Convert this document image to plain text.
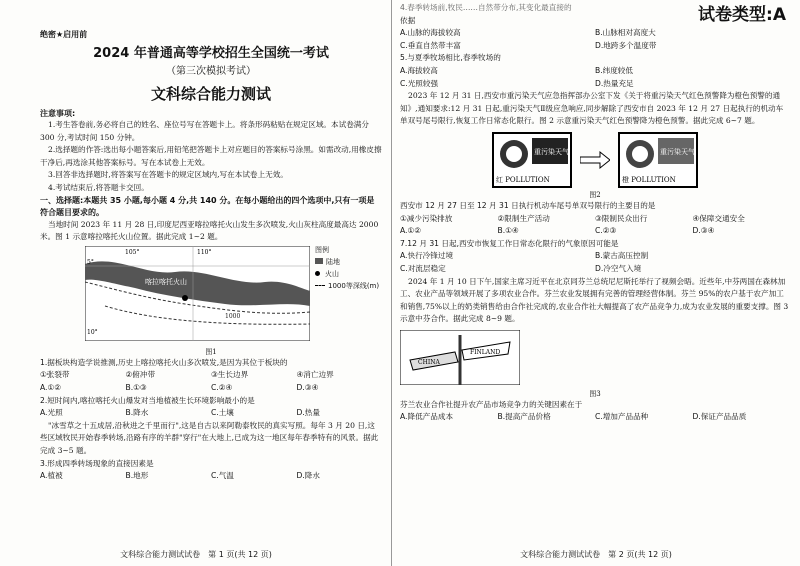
试卷类型:A
绝密★启用前
2024 年普通高等学校招生全国统一考试
（第三次模拟考试）
文科综合能力测试
注意事项:
1.考生答卷前,务必将自己的姓名、座位号写在答题卡上。将条形码粘贴在规定区域。本试卷满分 300 分,考试时间 150 分钟。
2.选择题的作答:选出每小题答案后,用铅笔把答题卡上对应题目的答案标号涂黑。如需改动,用橡皮擦干净后,再选涂其他答案标号。写在本试卷上无效。
3.回答非选择题时,将答案写在答题卡的规定区域内,写在本试卷上无效。
4.考试结束后,将答题卡交回。
一、选择题:本题共 35 小题,每小题 4 分,共 140 分。在每小题给出的四个选项中,只有一项是符合题目要求的。
当地时间 2023 年 11 月 28 日,印度尼西亚喀拉喀托火山发生多次喷发,火山灰柱高度最高达 2000 米。图 1 示意喀拉喀托火山位置。据此完成 1~2 题。
喀拉喀托火山
1000
105°	110°
5°
10°
图例
陆地
火山
1000等深线(m)
图1
1.据板块构造学说推测,历史上喀拉喀托火山多次喷发,是因为其位于板块的
①张裂带	②俯冲带	③生长边界	④消亡边界
A.①②	B.①③	C.②④	D.③④
2.短时间内,喀拉喀托火山爆发对当地植被生长环境影响最小的是
A.光照	B.降水	C.土壤	D.热量
"冰雪草之十五成居,沿秋进之千里而行",这是自古以来阿勒泰牧民的真实写照。每年 3 月 20 日,这些区域牧民开始春季转场,沿路有序的羊群"穿行"在大地上,已成为这一地区每年春季特有的风景。据此完成 3~5 题。
3.形成四季转场现象的直接因素是
A.植被	B.地形	C.气温	D.降水
文科综合能力测试试卷　第 1 页(共 12 页)
4.春季转场前,牧民……自然带分布,其变化最直接的
依据
A.山脉的海拔较高	B.山脉相对高度大
C.垂直自然带丰富	D.地跨多个温度带
5.与夏季牧场相比,春季牧场的
A.海拔较高	B.纬度较低
C.光照较强	D.热量充足
2023 年 12 月 31 日,西安市重污染天气应急指挥部办公室下发《关于将重污染天气红色预警降为橙色预警的通知》,通知要求:12 月 31 日起,重污染天气Ⅱ级应急响应,同步解除了西安市自 2023 年 12 月 27 日起执行的机动车单双号尾号限行,恢复工作日常态化限行。图 2 示意重污染天气红色预警降为橙色预警。据此完成 6~7 题。
重污染天气
红 POLLUTION
重污染天气
橙 POLLUTION
图2
西安市 12 月 27 日至 12 月 31 日执行机动车尾号单双号限行的主要目的是
①减少污染排放	②限制生产活动	③限制民众出行	④保障交通安全
A.①②	B.①④	C.②③	D.③④
7.12 月 31 日起,西安市恢复工作日常态化限行的气象原因可能是
A.快行冷锋过境	B.蒙古高压控制
C.对流层稳定	D.冷空气入境
2024 年 1 月 10 日下午,国家主席习近平在北京同芬兰总统尼尼斯托举行了视频会晤。近些年,中芬两国在森林加工、农业产品等领域开展了多项农业合作。芬兰农业发展拥有完善的管理经营体制。芬兰 95%的农户基于农产加工和销售,75%以上的奶类销售给由合作社完成的,农业合作社大幅提高了农产品竞争力,成为农业发展的重要支撑。图 3 示意中芬合作。据此完成 8~9 题。
CHINA
FINLAND
图3
芬兰农业合作社提升农产品市场竞争力的关键因素在于
A.降低产品成本	B.提高产品价格	C.增加产品品种	D.保证产品品质
文科综合能力测试试卷　第 2 页(共 12 页)
